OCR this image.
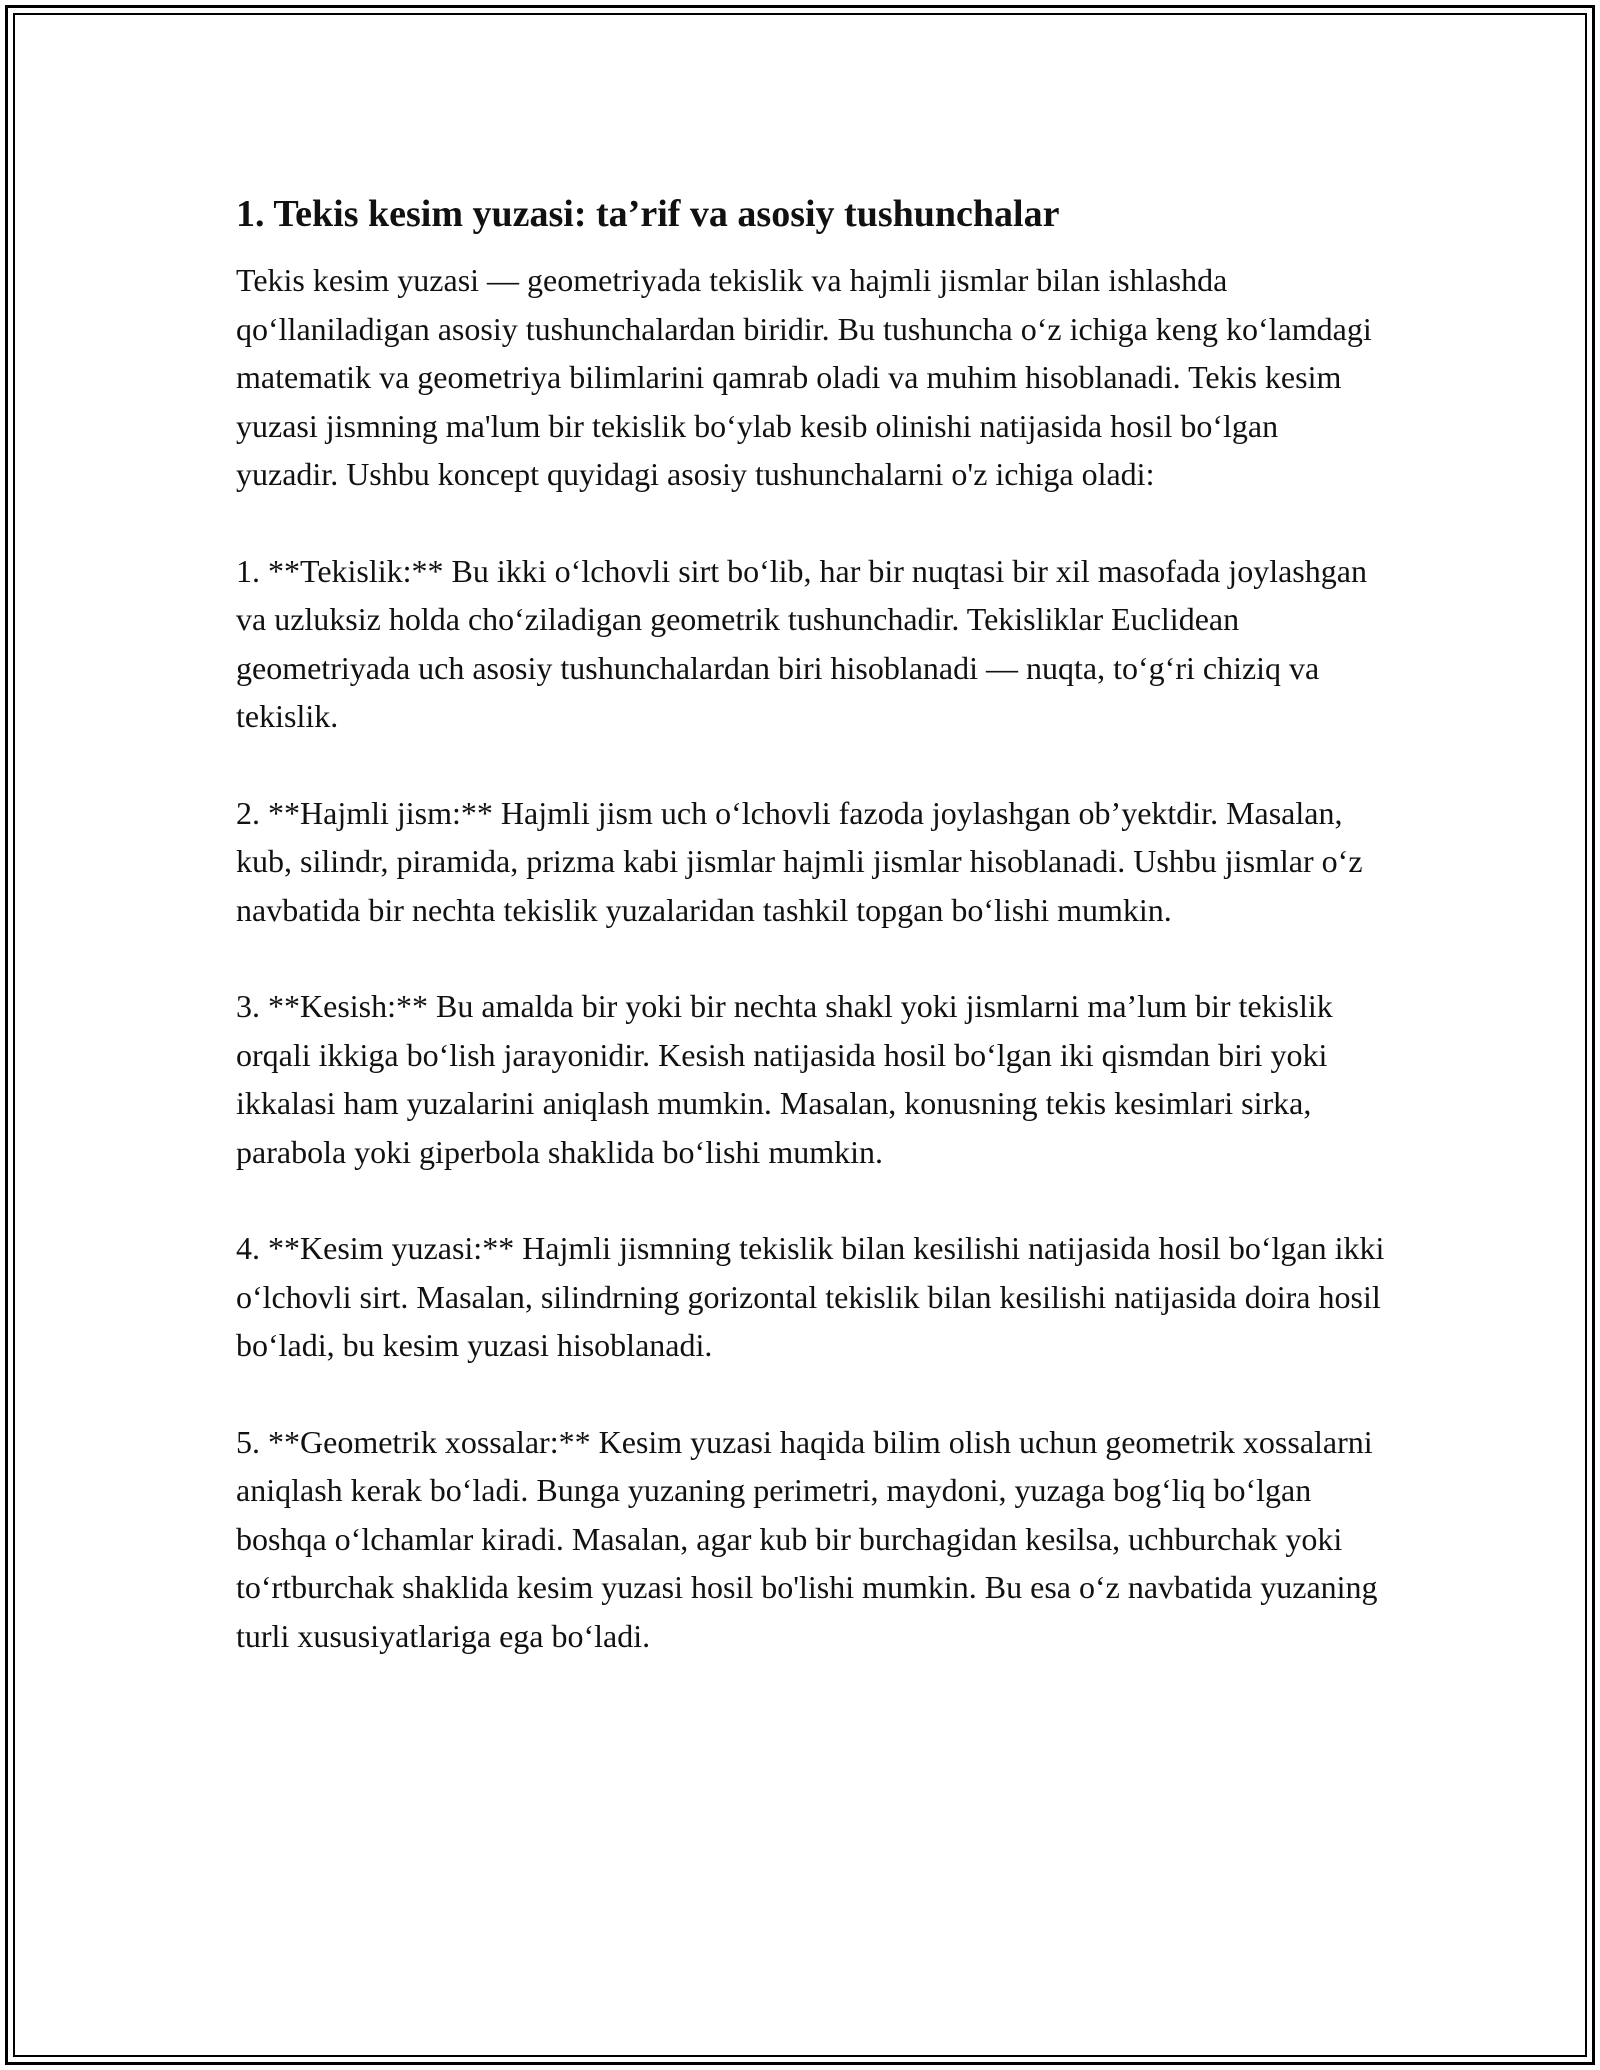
1. Tekis kesim yuzasi: ta’rif va asosiy tushunchalar

Tekis kesim yuzasi — geometriyada tekislik va hajmli jismlar bilan ishlashda qo‘llaniladigan asosiy tushunchalardan biridir. Bu tushuncha o‘z ichiga keng ko‘lamdagi matematik va geometriya bilimlarini qamrab oladi va muhim hisoblanadi. Tekis kesim yuzasi jismning ma'lum bir tekislik bo‘ylab kesib olinishi natijasida hosil bo‘lgan yuzadir. Ushbu koncept quyidagi asosiy tushunchalarni o'z ichiga oladi:

1. **Tekislik:** Bu ikki o‘lchovli sirt bo‘lib, har bir nuqtasi bir xil masofada joylashgan va uzluksiz holda cho‘ziladigan geometrik tushunchadir. Tekisliklar Euclidean geometriyada uch asosiy tushunchalardan biri hisoblanadi — nuqta, to‘g‘ri chiziq va tekislik.

2. **Hajmli jism:** Hajmli jism uch o‘lchovli fazoda joylashgan ob’yektdir. Masalan, kub, silindr, piramida, prizma kabi jismlar hajmli jismlar hisoblanadi. Ushbu jismlar o‘z navbatida bir nechta tekislik yuzalaridan tashkil topgan bo‘lishi mumkin.

3. **Kesish:** Bu amalda bir yoki bir nechta shakl yoki jismlarni ma’lum bir tekislik orqali ikkiga bo‘lish jarayonidir. Kesish natijasida hosil bo‘lgan iki qismdan biri yoki ikkalasi ham yuzalarini aniqlash mumkin. Masalan, konusning tekis kesimlari sirka, parabola yoki giperbola shaklida bo‘lishi mumkin.

4. **Kesim yuzasi:** Hajmli jismning tekislik bilan kesilishi natijasida hosil bo‘lgan ikki o‘lchovli sirt. Masalan, silindrning gorizontal tekislik bilan kesilishi natijasida doira hosil bo‘ladi, bu kesim yuzasi hisoblanadi.

5. **Geometrik xossalar:** Kesim yuzasi haqida bilim olish uchun geometrik xossalarni aniqlash kerak bo‘ladi. Bunga yuzaning perimetri, maydoni, yuzaga bog‘liq bo‘lgan boshqa o‘lchamlar kiradi. Masalan, agar kub bir burchagidan kesilsa, uchburchak yoki to‘rtburchak shaklida kesim yuzasi hosil bo'lishi mumkin. Bu esa o‘z navbatida yuzaning turli xususiyatlariga ega bo‘ladi.
